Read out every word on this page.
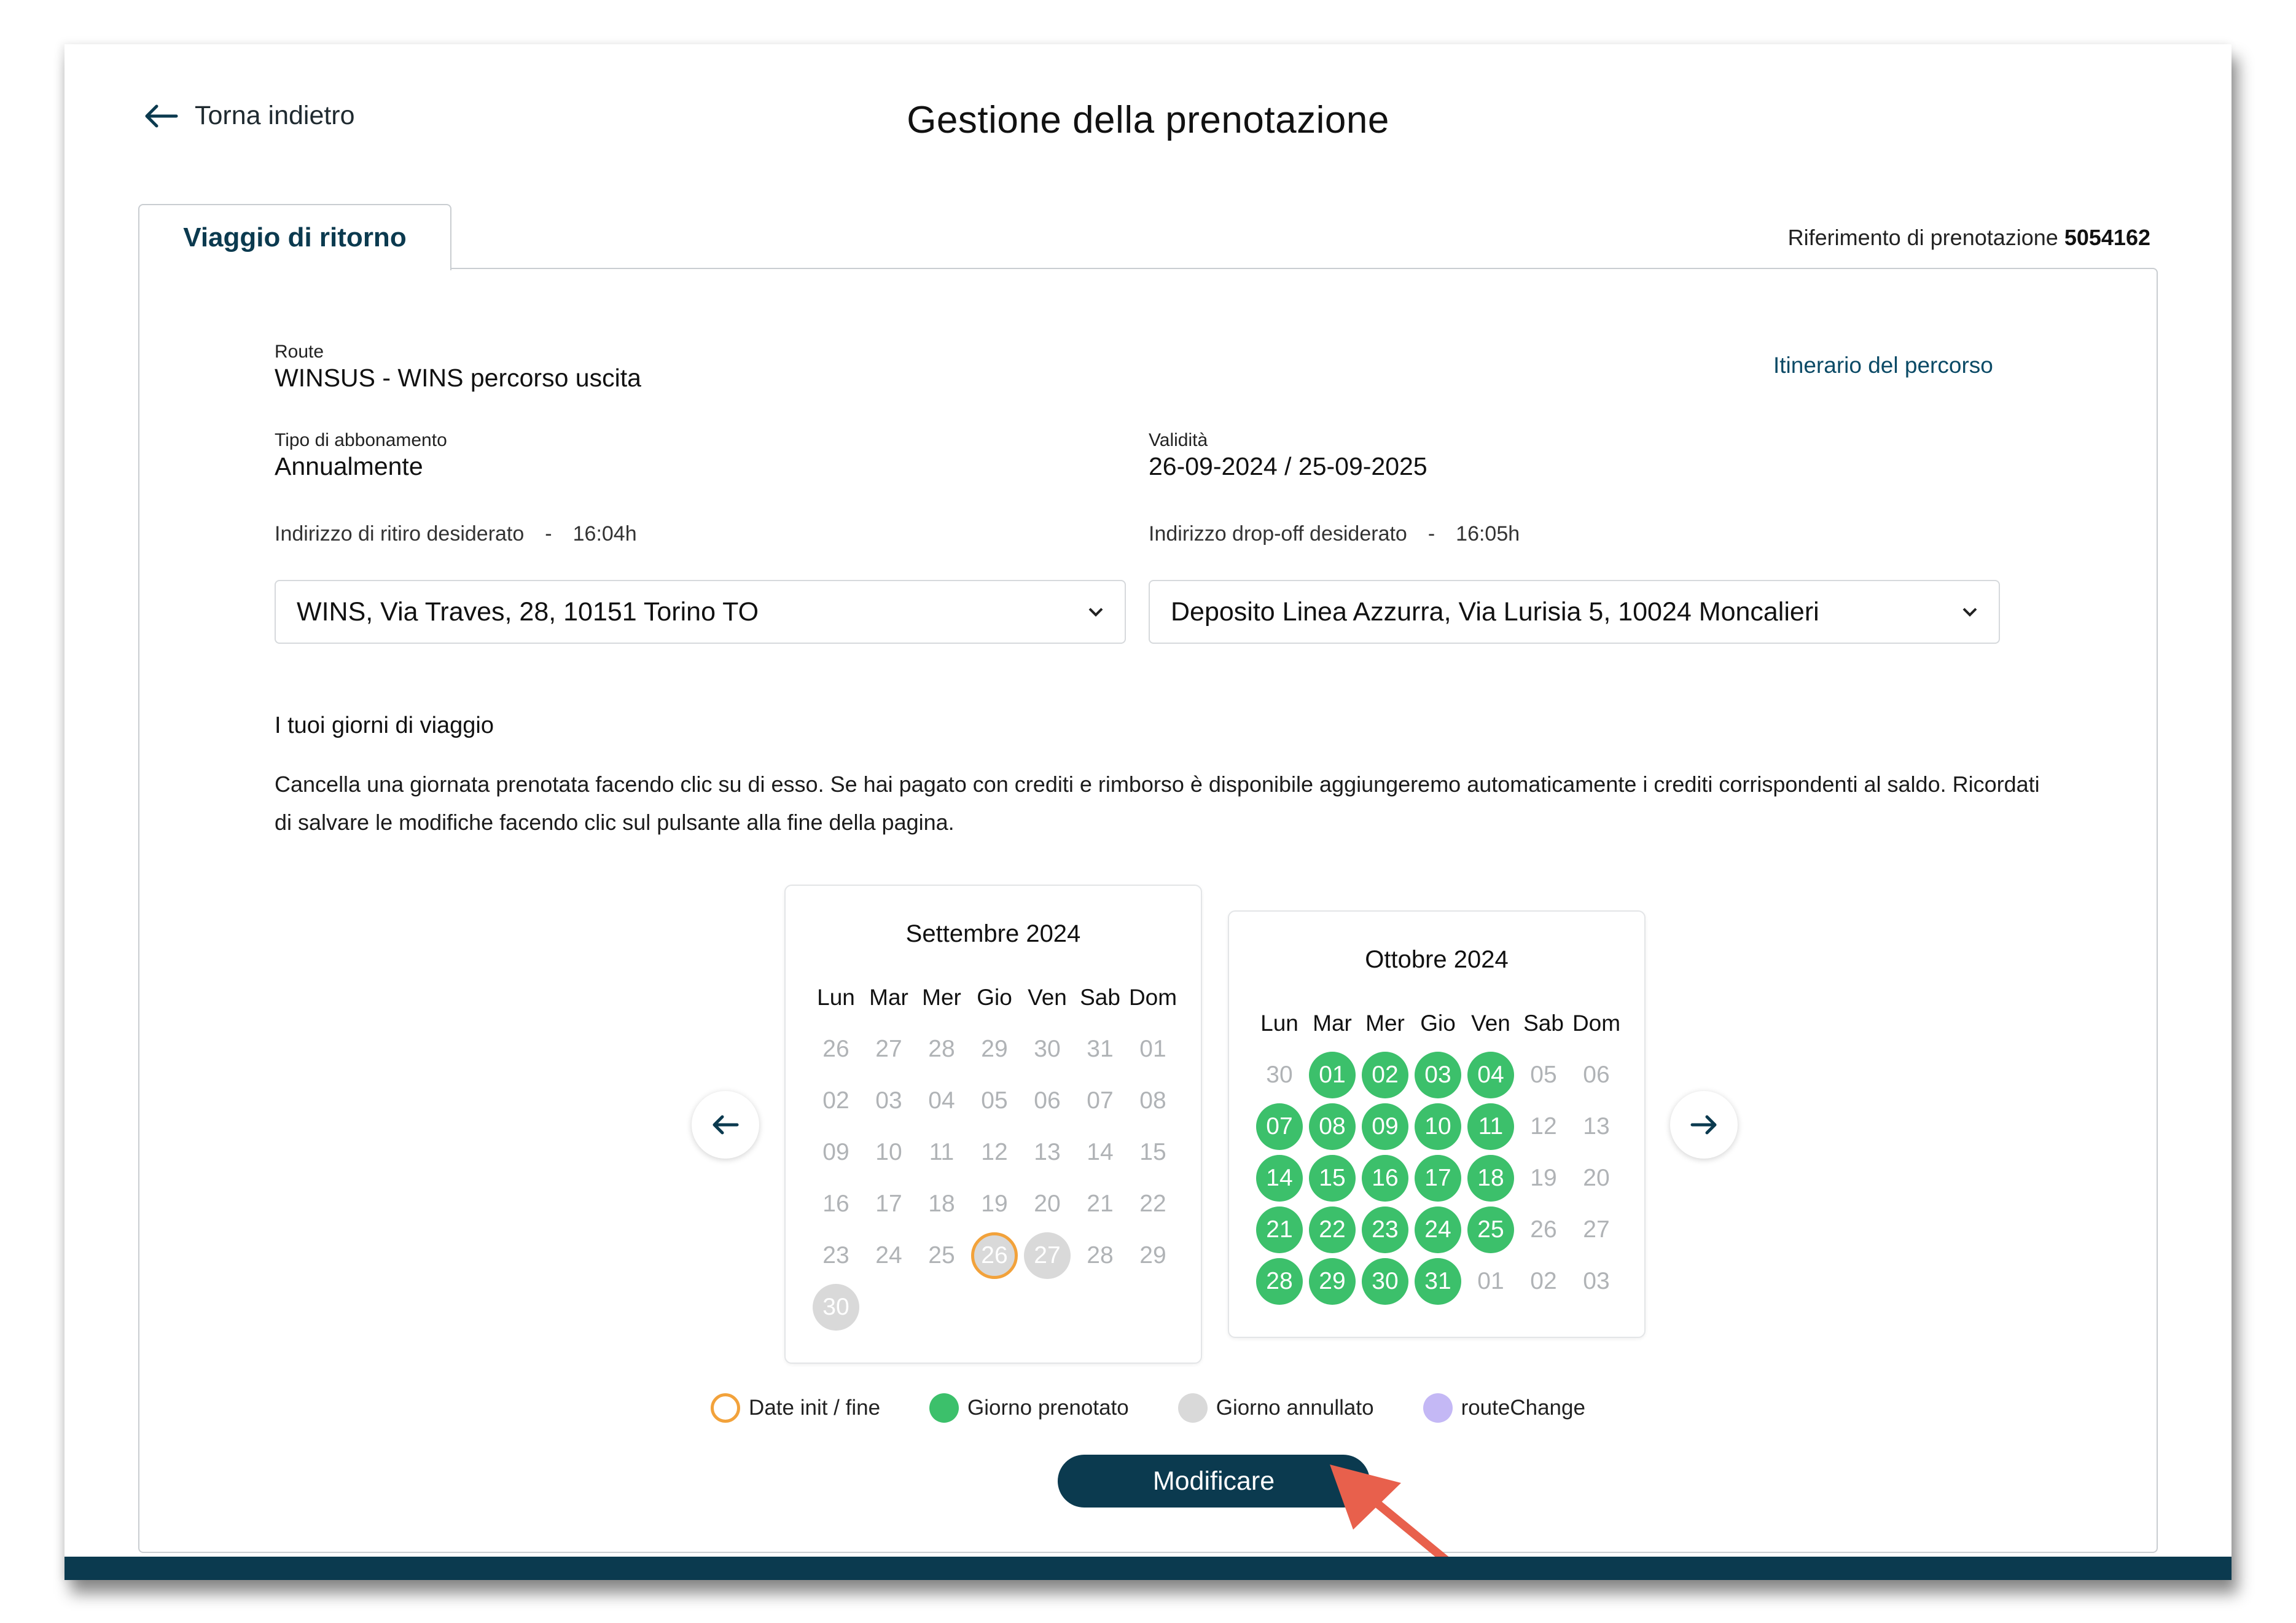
Torna indietro	Gestione della prenotazione
Viaggio di ritorno	Riferimento di prenotazione 5054162
Route
WINSUS - WINS percorso uscita	Itinerario del percorso
Tipo di abbonamento
Annualmente
Validità
26-09-2024 / 25-09-2025
Indirizzo di ritiro desiderato - 16:04h	Indirizzo drop-off desiderato - 16:05h
WINS, Via Traves, 28, 10151 Torino TO	Deposito Linea Azzurra, Via Lurisia 5, 10024 Moncalieri
I tuoi giorni di viaggio
Cancella una giornata prenotata facendo clic su di esso. Se hai pagato con crediti e rimborso è disponibile aggiungeremo automaticamente i crediti corrispondenti al saldo. Ricordati di salvare le modifiche facendo clic sul pulsante alla fine della pagina.
Settembre 2024
Lun Mar Mer Gio Ven Sab Dom
26	27	28	29	30	31	01
02	03	04	05	06	07	08
09	10	11	12	13	14	15
16	17	18	19	20	21	22
23	24	25	26	27	28	29
30
Ottobre 2024
Lun Mar Mer Gio Ven Sab Dom
30	01	02	03	04	05	06
07	08	09	10	11	12	13
14	15	16	17	18	19	20
21	22	23	24	25	26	27
28	29	30	31	01	02	03
Date init / fine	Giorno prenotato	Giorno annullato	routeChange
Modificare
